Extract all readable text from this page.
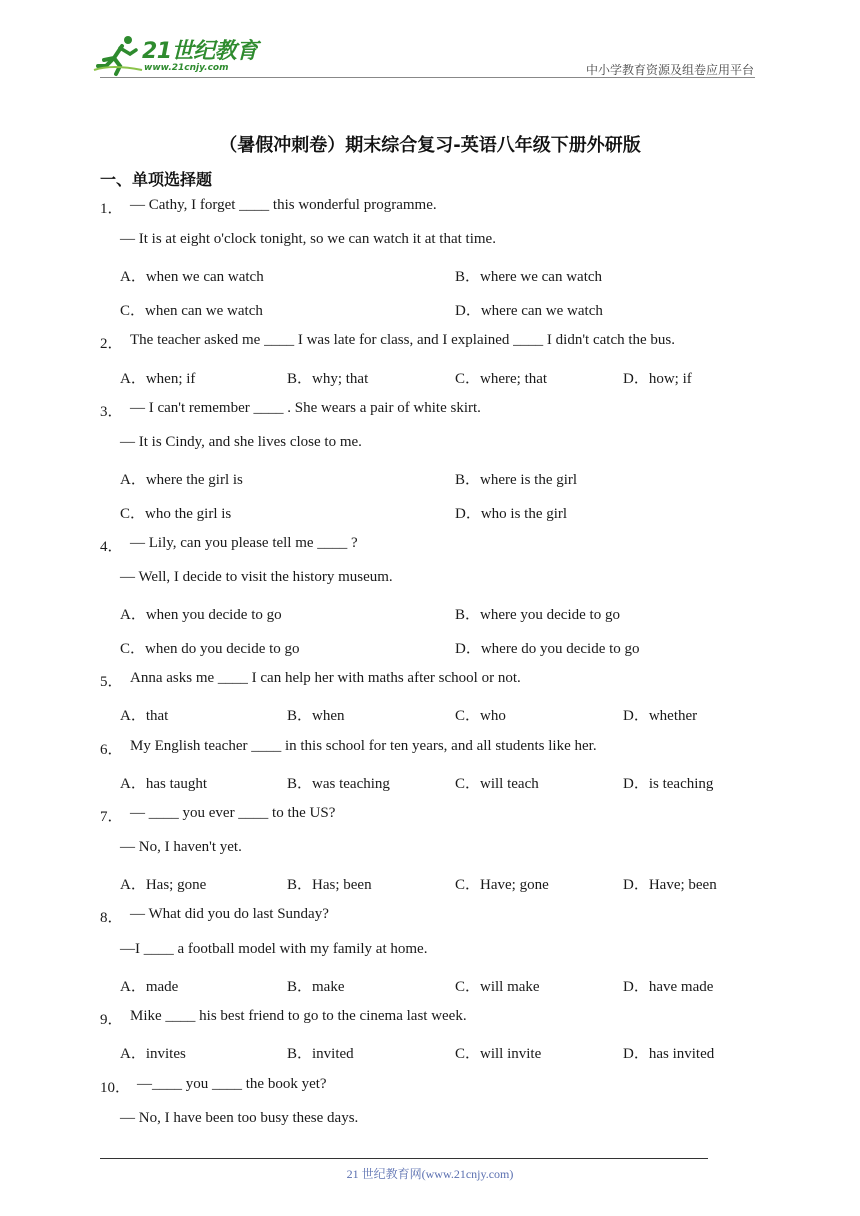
21世纪教育
www.21cnjy.com	中小学教育资源及组卷应用平台
（暑假冲刺卷）期末综合复习-英语八年级下册外研版
一、单项选择题
1． — Cathy, I forget ____ this wonderful programme.
— It is at eight o'clock tonight, so we can watch it at that time.
A．when we can watch	B．where we can watch
C．when can we watch	D．where can we watch
2． The teacher asked me ____ I was late for class, and I explained ____ I didn't catch the bus.
A．when; if	B．why; that	C．where; that	D．how; if
3． — I can't remember ____ . She wears a pair of white skirt.
— It is Cindy, and she lives close to me.
A．where the girl is	B．where is the girl
C．who the girl is	D．who is the girl
4． — Lily, can you please tell me ____ ?
— Well, I decide to visit the history museum.
A．when you decide to go	B．where you decide to go
C．when do you decide to go	D．where do you decide to go
5． Anna asks me ____ I can help her with maths after school or not.
A．that	B．when	C．who	D．whether
6． My English teacher ____ in this school for ten years, and all students like her.
A．has taught	B．was teaching	C．will teach	D．is teaching
7． — ____ you ever ____ to the US?
— No, I haven't yet.
A．Has; gone	B．Has; been	C．Have; gone	D．Have; been
8． — What did you do last Sunday?
—I ____ a football model with my family at home.
A．made	B．make	C．will make	D．have made
9． Mike ____ his best friend to go to the cinema last week.
A．invites	B．invited	C．will invite	D．has invited
10． —____ you ____ the book yet?
— No, I have been too busy these days.
21 世纪教育网(www.21cnjy.com)
